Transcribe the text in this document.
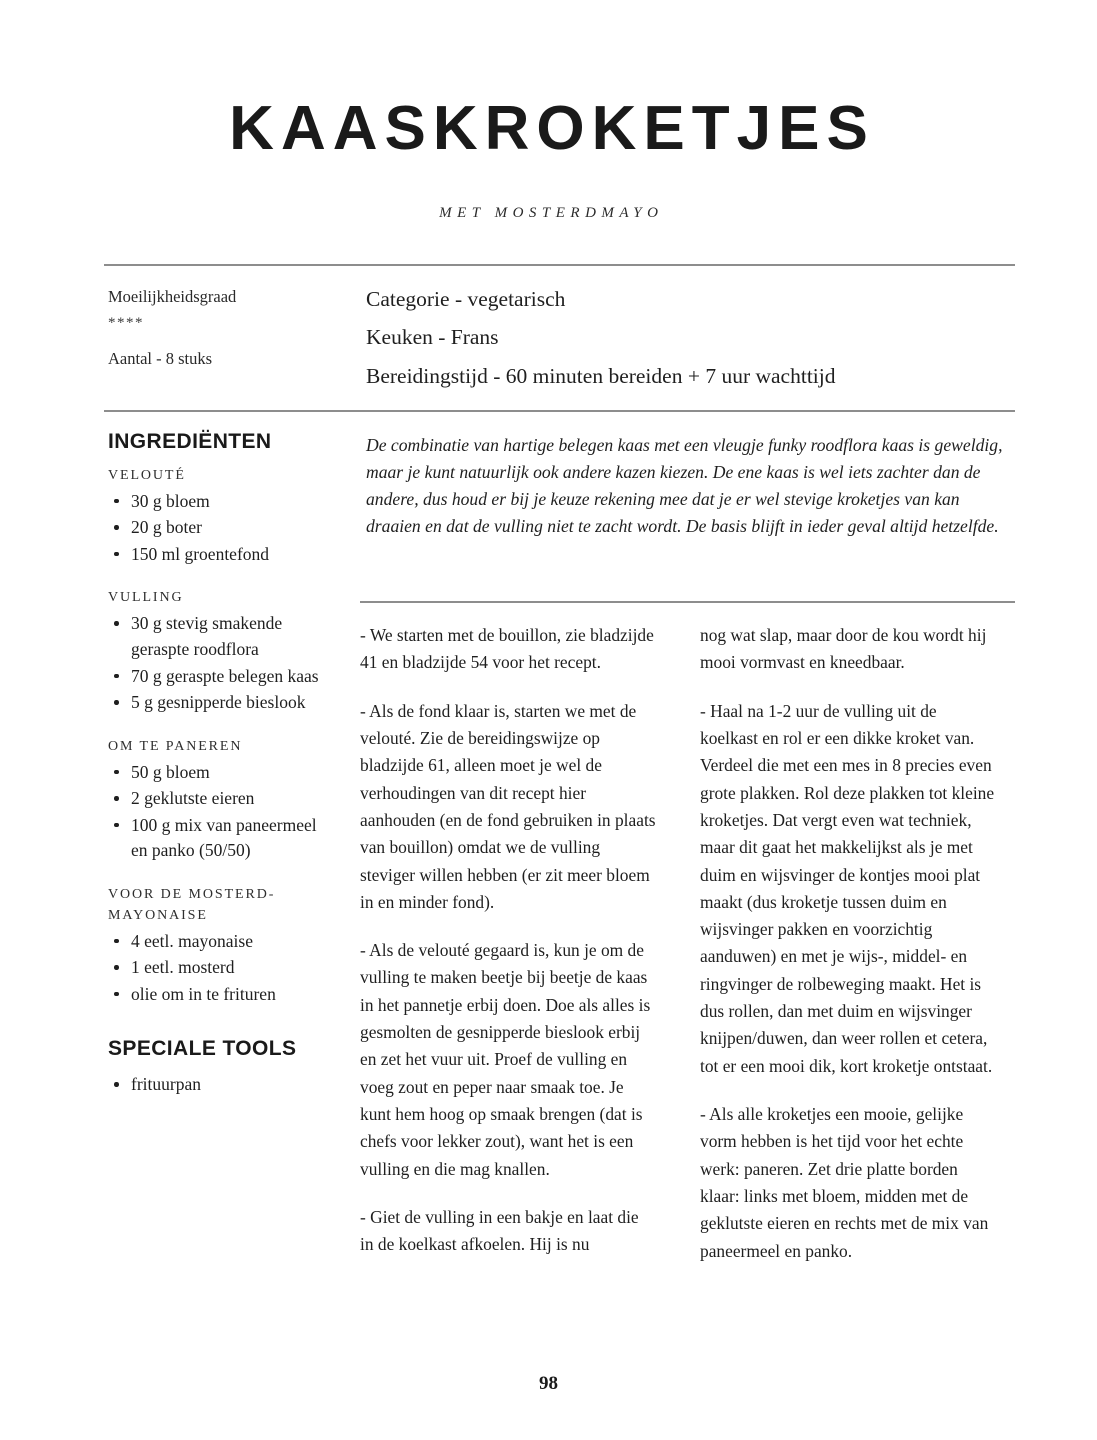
KAASKROKETJES
MET MOSTERDMAYO
Moeilijkheidsgraad
****
Aantal - 8 stuks
Categorie - vegetarisch
Keuken - Frans
Bereidingstijd - 60 minuten bereiden + 7 uur wachttijd
INGREDIËNTEN
VELOUTÉ
30 g bloem
20 g boter
150 ml groentefond
VULLING
30 g stevig smakende geraspte roodflora
70 g geraspte belegen kaas
5 g gesnipperde bieslook
OM TE PANEREN
50 g bloem
2 geklutste eieren
100 g mix van paneermeel en panko (50/50)
VOOR DE MOSTERD-MAYONAISE
4 eetl. mayonaise
1 eetl. mosterd
olie om in te frituren
SPECIALE TOOLS
frituurpan
De combinatie van hartige belegen kaas met een vleugje funky roodflora kaas is geweldig, maar je kunt natuurlijk ook andere kazen kiezen. De ene kaas is wel iets zachter dan de andere, dus houd er bij je keuze rekening mee dat je er wel stevige kroketjes van kan draaien en dat de vulling niet te zacht wordt. De basis blijft in ieder geval altijd hetzelfde.

- We starten met de bouillon, zie bladzijde 41 en bladzijde 54 voor het recept.

- Als de fond klaar is, starten we met de velouté. Zie de bereidingswijze op bladzijde 61, alleen moet je wel de verhoudingen van dit recept hier aanhouden (en de fond gebruiken in plaats van bouillon) omdat we de vulling steviger willen hebben (er zit meer bloem in en minder fond).

- Als de velouté gegaard is, kun je om de vulling te maken beetje bij beetje de kaas in het pannetje erbij doen. Doe als alles is gesmolten de gesnipperde bieslook erbij en zet het vuur uit. Proef de vulling en voeg zout en peper naar smaak toe. Je kunt hem hoog op smaak brengen (dat is chefs voor lekker zout), want het is een vulling en die mag knallen.

- Giet de vulling in een bakje en laat die in de koelkast afkoelen. Hij is nu

nog wat slap, maar door de kou wordt hij mooi vormvast en kneedbaar.

- Haal na 1-2 uur de vulling uit de koelkast en rol er een dikke kroket van. Verdeel die met een mes in 8 precies even grote plakken. Rol deze plakken tot kleine kroketjes. Dat vergt even wat techniek, maar dit gaat het makkelijkst als je met duim en wijsvinger de kontjes mooi plat maakt (dus kroketje tussen duim en wijsvinger pakken en voorzichtig aanduwen) en met je wijs-, middel- en ringvinger de rolbeweging maakt. Het is dus rollen, dan met duim en wijsvinger knijpen/duwen, dan weer rollen et cetera, tot er een mooi dik, kort kroketje ontstaat.

- Als alle kroketjes een mooie, gelijke vorm hebben is het tijd voor het echte werk: paneren. Zet drie platte borden klaar: links met bloem, midden met de geklutste eieren en rechts met de mix van paneermeel en panko.

98
